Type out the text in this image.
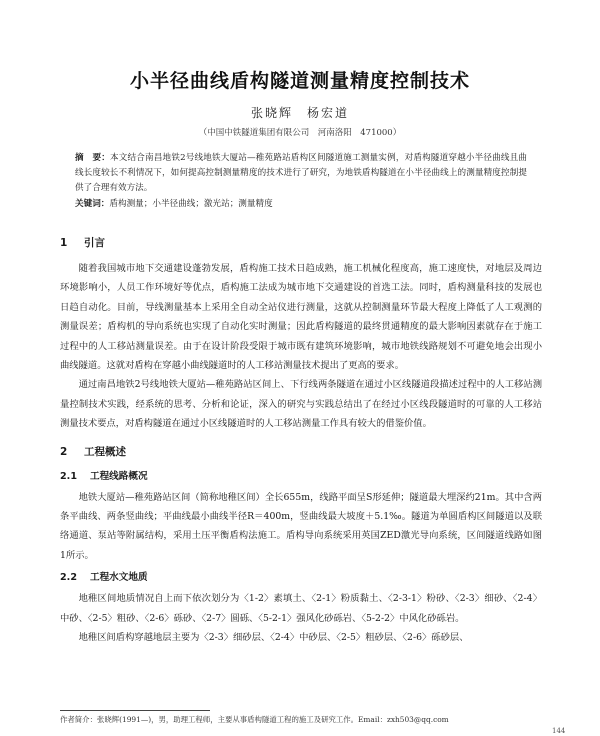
小半径曲线盾构隧道测量精度控制技术
张晓辉　杨宏道
（中国中铁隧道集团有限公司　河南洛阳　471000）
摘　要：本文结合南昌地铁2号线地铁大厦站—稚苑路站盾构区间隧道施工测量实例，对盾构隧道穿越小半径曲线且曲线长度较长不利情况下，如何提高控制测量精度的技术进行了研究，为地铁盾构隧道在小半径曲线上的测量精度控制提供了合理有效方法。
关键词：盾构测量；小半径曲线；激光站；测量精度
1 引言

随着我国城市地下交通建设蓬勃发展，盾构施工技术日趋成熟，施工机械化程度高，施工速度快，对地层及周边环境影响小，人员工作环境好等优点，盾构施工法成为城市地下交通建设的首选工法。同时，盾构测量科技的发展也日趋自动化。目前，导线测量基本上采用全自动全站仪进行测量，这就从控制测量环节最大程度上降低了人工观测的测量误差；盾构机的导向系统也实现了自动化实时测量；因此盾构隧道的最终贯通精度的最大影响因素就存在于施工过程中的人工移站测量误差。由于在设计阶段受限于城市既有建筑环境影响，城市地铁线路规划不可避免地会出现小曲线隧道。这就对盾构在穿越小曲线隧道时的人工移站测量技术提出了更高的要求。

通过南昌地铁2号线地铁大厦站—稚苑路站区间上、下行线两条隧道在通过小区线隧道段描述过程中的人工移站测量控制技术实践，经系统的思考、分析和论证，深入的研究与实践总结出了在经过小区线段隧道时的可靠的人工移站测量技术要点，对盾构隧道在通过小区线隧道时的人工移站测量工作具有较大的借鉴价值。

2 工程概述
2.1 工程线路概况

地铁大厦站—稚苑路站区间（简称地稚区间）全长655m，线路平面呈S形延伸；隧道最大埋深约21m。其中含两条平曲线、两条竖曲线；平曲线最小曲线半径R＝400m，竖曲线最大坡度＋5.1‰。隧道为单圆盾构区间隧道以及联络通道、泵站等附属结构，采用土压平衡盾构法施工。盾构导向系统采用英国ZED激光导向系统，区间隧道线路如图1所示。

2.2 工程水文地质

地稚区间地质情况自上而下依次划分为〈1-2〉素填土、〈2-1〉粉质黏土、〈2-3-1〉粉砂、〈2-3〉细砂、〈2-4〉中砂、〈2-5〉粗砂、〈2-6〉砾砂、〈2-7〉圆砾、〈5-2-1〉强风化砂砾岩、〈5-2-2〉中风化砂砾岩。

地稚区间盾构穿越地层主要为〈2-3〉细砂层、〈2-4〉中砂层、〈2-5〉粗砂层、〈2-6〉砾砂层、

作者简介：张晓辉(1991—)，男，助理工程师，主要从事盾构隧道工程的施工及研究工作。Email：zxh503@qq.com
144
